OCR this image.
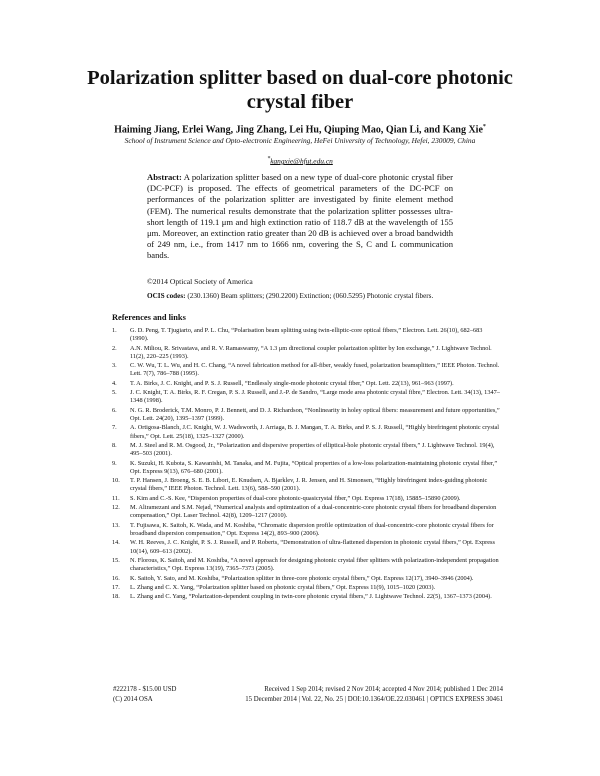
Polarization splitter based on dual-core photonic crystal fiber
Haiming Jiang, Erlei Wang, Jing Zhang, Lei Hu, Qiuping Mao, Qian Li, and Kang Xie*
School of Instrument Science and Opto-electronic Engineering, HeFei University of Technology, Hefei, 230009, China
*kangxie@hfut.edu.cn
Abstract: A polarization splitter based on a new type of dual-core photonic crystal fiber (DC-PCF) is proposed. The effects of geometrical parameters of the DC-PCF on performances of the polarization splitter are investigated by finite element method (FEM). The numerical results demonstrate that the polarization splitter possesses ultra-short length of 119.1 μm and high extinction ratio of 118.7 dB at the wavelength of 155 μm. Moreover, an extinction ratio greater than 20 dB is achieved over a broad bandwidth of 249 nm, i.e., from 1417 nm to 1666 nm, covering the S, C and L communication bands.
©2014 Optical Society of America
OCIS codes: (230.1360) Beam splitters; (290.2200) Extinction; (060.5295) Photonic crystal fibers.
References and links
1.	G. D. Peng, T. Tjugiarto, and P. L. Chu, “Polarisation beam splitting using twin-elliptic-core optical fibers,” Electron. Lett. 26(10), 682–683 (1990).
2.	A.N. Miliou, R. Srivastava, and R. V. Ramaswamy, “A 1.3 μm directional coupler polarization splitter by Ion exchange,” J. Lightwave Technol. 11(2), 220–225 (1993).
3.	C. W. Wu, T. L. Wu, and H. C. Chang, “A novel fabrication method for all-fiber, weakly fused, polarization beamsplitters,” IEEE Photon. Technol. Lett. 7(7), 786–788 (1995).
4.	T. A. Birks, J. C. Knight, and P. S. J. Russell, “Endlessly single-mode photonic crystal fiber,” Opt. Lett. 22(13), 961–963 (1997).
5.	J. C. Knight, T. A. Birks, R. F. Cregan, P. S. J. Russell, and J.-P. de Sandro, “Large mode area photonic crystal fibre,” Electron. Lett. 34(13), 1347–1348 (1998).
6.	N. G. R. Broderick, T.M. Monro, P. J. Bennett, and D. J. Richardson, “Nonlinearity in holey optical fibers: measurement and future opportunities,” Opt. Lett. 24(20), 1395–1397 (1999).
7.	A. Ortigosa-Blanch, J.C. Knight, W. J. Wadsworth, J. Arriaga, B. J. Mangan, T. A. Birks, and P. S. J. Russell, “Highly birefringent photonic crystal fibers,” Opt. Lett. 25(18), 1325–1327 (2000).
8.	M. J. Steel and R. M. Osgood, Jr., “Polarization and dispersive properties of elliptical-hole photonic crystal fibers,” J. Lightwave Technol. 19(4), 495–503 (2001).
9.	K. Suzuki, H. Kubota, S. Kawanishi, M. Tanaka, and M. Fujita, “Optical properties of a low-loss polarization-maintaining photonic crystal fiber,” Opt. Express 9(13), 676–680 (2001).
10.	T. P. Hansen, J. Broeng, S. E. B. Libori, E. Knudsen, A. Bjarklev, J. R. Jensen, and H. Simonsen, “Highly birefringent index-guiding photonic crystal fibers,” IEEE Photon. Technol. Lett. 13(6), 588–590 (2001).
11.	S. Kim and C.-S. Kee, “Dispersion properties of dual-core photonic-quasicrystal fiber,” Opt. Express 17(18), 15885–15890 (2009).
12.	M. Aliramezani and S.M. Nejad, “Numerical analysis and optimization of a dual-concentric-core photonic crystal fibers for broadband dispersion compensation,” Opt. Laser Technol. 42(8), 1209–1217 (2010).
13.	T. Fujisawa, K. Saitoh, K. Wada, and M. Koshiba, “Chromatic dispersion profile optimization of dual-concentric-core photonic crystal fibers for broadband dispersion compensation,” Opt. Express 14(2), 893–900 (2006).
14.	W. H. Reeves, J. C. Knight, P. S. J. Russell, and P. Roberts, “Demonstration of ultra-flattened dispersion in photonic crystal fibers,” Opt. Express 10(14), 609–613 (2002).
15.	N. Florous, K. Saitoh, and M. Koshiba, “A novel approach for designing photonic crystal fiber splitters with polarization-independent propagation characteristics,” Opt. Express 13(19), 7365–7373 (2005).
16.	K. Saitoh, Y. Sato, and M. Koshiba, “Polarization splitter in three-core photonic crystal fibers,” Opt. Express 12(17), 3940–3946 (2004).
17.	L. Zhang and C. X. Yang, “Polarization splitter based on photonic crystal fibers,” Opt. Express 11(9), 1015–1020 (2003).
18.	L. Zhang and C. Yang, “Polarization-dependent coupling in twin-core photonic crystal fibers,” J. Lightwave Technol. 22(5), 1367–1373 (2004).
#222178 - $15.00 USD	Received 1 Sep 2014; revised 2 Nov 2014; accepted 4 Nov 2014; published 1 Dec 2014
(C) 2014 OSA	15 December 2014 | Vol. 22, No. 25 | DOI:10.1364/OE.22.030461 | OPTICS EXPRESS 30461
